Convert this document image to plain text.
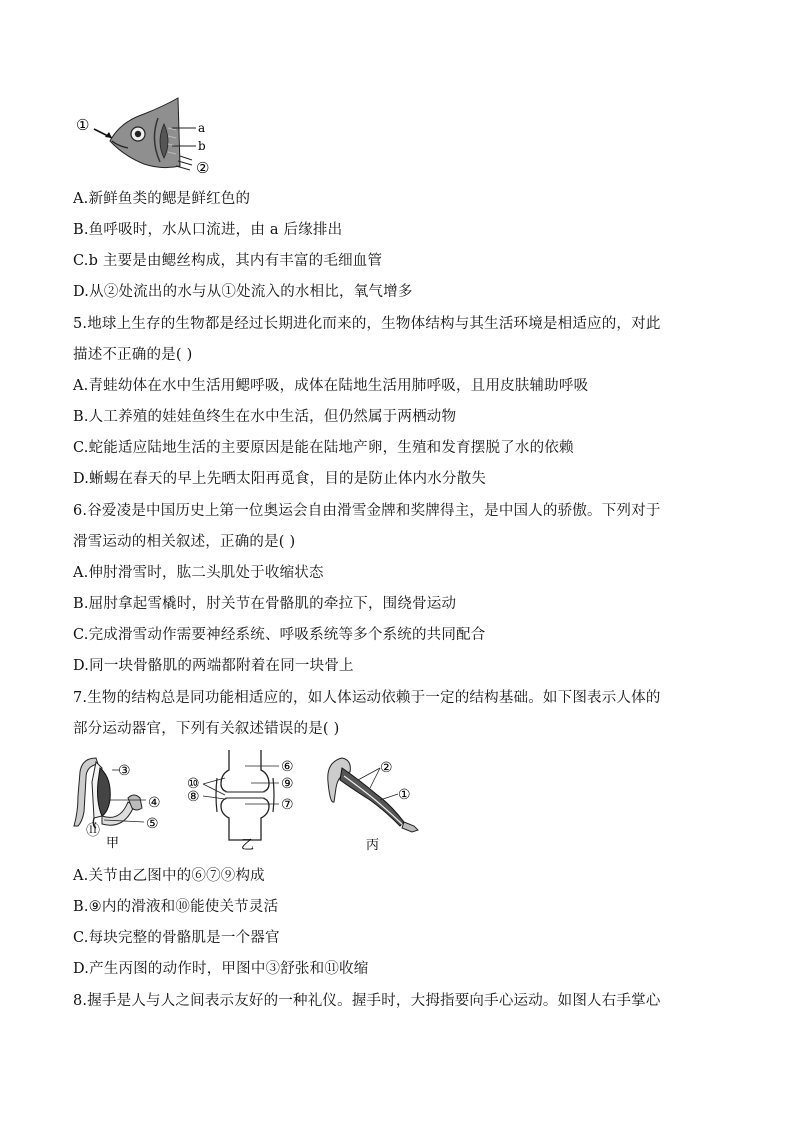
①	a
b
②
A.新鲜鱼类的鳃是鲜红色的
B.鱼呼吸时，水从口流进，由 a 后缘排出
C.b 主要是由鳃丝构成，其内有丰富的毛细血管
D.从②处流出的水与从①处流入的水相比，氧气增多
5.地球上生存的生物都是经过长期进化而来的，生物体结构与其生活环境是相适应的，对此
描述不正确的是( )
A.青蛙幼体在水中生活用鳃呼吸，成体在陆地生活用肺呼吸，且用皮肤辅助呼吸
B.人工养殖的娃娃鱼终生在水中生活，但仍然属于两栖动物
C.蛇能适应陆地生活的主要原因是能在陆地产卵，生殖和发育摆脱了水的依赖
D.蜥蜴在春天的早上先晒太阳再觅食，目的是防止体内水分散失
6.谷爱凌是中国历史上第一位奥运会自由滑雪金牌和奖牌得主，是中国人的骄傲。下列对于
滑雪运动的相关叙述，正确的是( )
A.伸肘滑雪时，肱二头肌处于收缩状态
B.屈肘拿起雪橇时，肘关节在骨骼肌的牵拉下，围绕骨运动
C.完成滑雪动作需要神经系统、呼吸系统等多个系统的共同配合
D.同一块骨骼肌的两端都附着在同一块骨上
7.生物的结构总是同功能相适应的，如人体运动依赖于一定的结构基础。如下图表示人体的
部分运动器官，下列有关叙述错误的是( )
③
④
⑤
⑪
甲
⑥
⑨
⑦
⑩
⑧
乙
②
①
丙
A.关节由乙图中的⑥⑦⑨构成
B.⑨内的滑液和⑩能使关节灵活
C.每块完整的骨骼肌是一个器官
D.产生丙图的动作时，甲图中③舒张和⑪收缩
8.握手是人与人之间表示友好的一种礼仪。握手时，大拇指要向手心运动。如图人右手掌心
